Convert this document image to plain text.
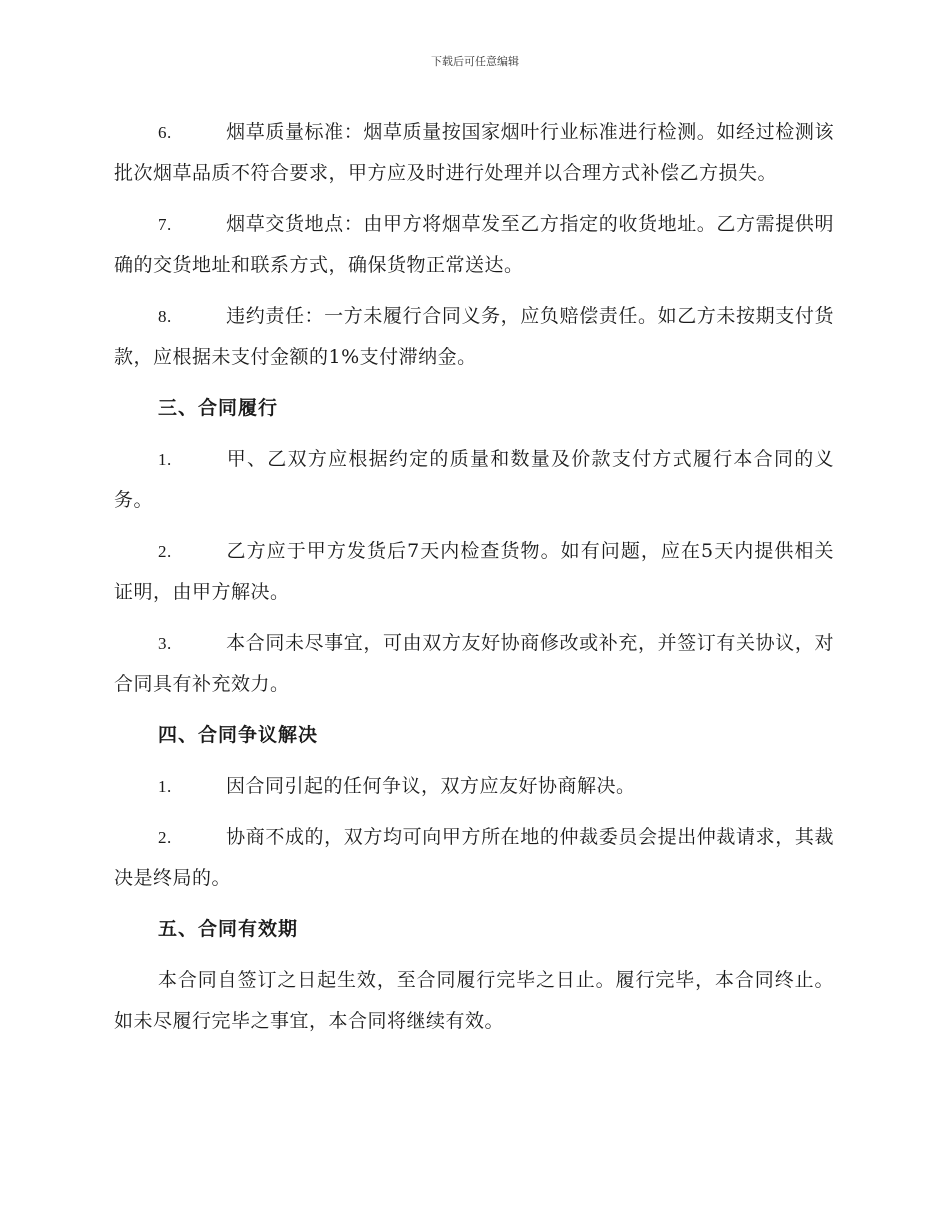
下载后可任意编辑

6.	烟草质量标准：烟草质量按国家烟叶行业标准进行检测。如经过检测该批次烟草品质不符合要求，甲方应及时进行处理并以合理方式补偿乙方损失。

7.	烟草交货地点：由甲方将烟草发至乙方指定的收货地址。乙方需提供明确的交货地址和联系方式，确保货物正常送达。

8.	违约责任：一方未履行合同义务，应负赔偿责任。如乙方未按期支付货款，应根据未支付金额的1%支付滞纳金。

三、合同履行

1.	甲、乙双方应根据约定的质量和数量及价款支付方式履行本合同的义务。

2.	乙方应于甲方发货后7天内检查货物。如有问题，应在5天内提供相关证明，由甲方解决。

3.	本合同未尽事宜，可由双方友好协商修改或补充，并签订有关协议，对合同具有补充效力。

四、合同争议解决

1.	因合同引起的任何争议，双方应友好协商解决。

2.	协商不成的，双方均可向甲方所在地的仲裁委员会提出仲裁请求，其裁决是终局的。

五、合同有效期

本合同自签订之日起生效，至合同履行完毕之日止。履行完毕，本合同终止。如未尽履行完毕之事宜，本合同将继续有效。
